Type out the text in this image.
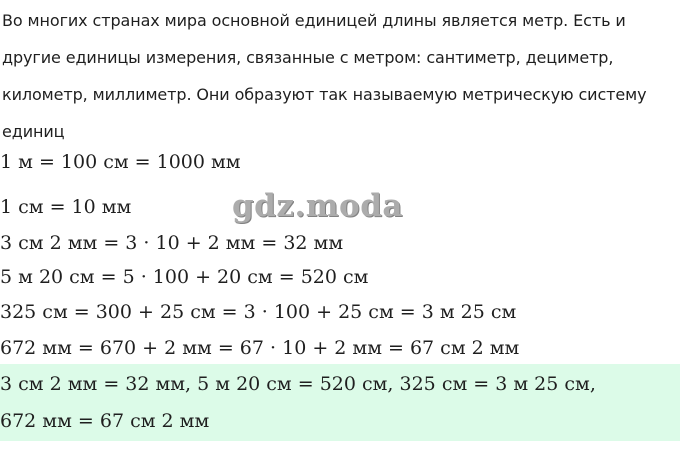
Во многих странах мира основной единицей длины является метр. Есть и
другие единицы измерения, связанные с метром: сантиметр, дециметр,
километр, миллиметр. Они образуют так называемую метрическую систему
единиц
1 м = 100 см = 1000 мм
1 см = 10 мм
3 см 2 мм = 3 · 10 + 2 мм = 32 мм
5 м 20 см = 5 · 100 + 20 см = 520 см
325 см = 300 + 25 см = 3 · 100 + 25 см = 3 м 25 см
672 мм = 670 + 2 мм = 67 · 10 + 2 мм = 67 см 2 мм
3 см 2 мм = 32 мм, 5 м 20 см = 520 см, 325 см = 3 м 25 см,
672 мм = 67 см 2 мм
gdz.moda
